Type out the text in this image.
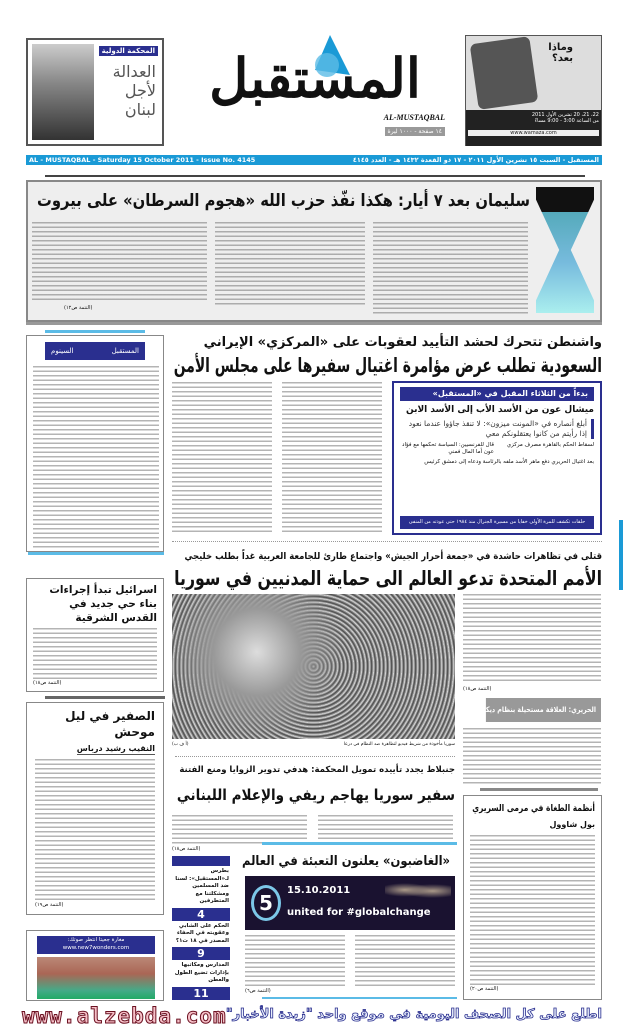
المحكمة الدولية
العدالة
لأجل
لبنان المستقبل
AL-MUSTAQBAL
١٤ صفحة - ١٠٠٠ ليرة
وماذا
بعد؟
22، 21، 20 تشرين الأول 2011
من الساعة 3:00 - 9:00 مساءً
www.wamaza.com
AL - MUSTAQBAL - Saturday 15 October 2011 - Issue No. 4145	المستقبل - السبت ١٥ تشرين الأول ٢٠١١ - ١٧ ذو القعدة ١٤٣٢ هـ - العدد ٤١٤٥
سليمان بعد ٧ أيار: هكذا نفّذ حزب الله «هجوم السرطان» على بيروت
(التتمة ص١٢)
المستقبل
السينوم
اسرائيل تبدأ إجراءات بناء حي جديد في القدس الشرقية
(التتمة ص١٨)
الصفير في ليل موحش
النقيب رشيد درباس
(التتمة ص١٩)
مغارة جعيتا انتظر صوتك:
www.new7wonders.com
واشنطن تتحرك لحشد التأييد لعقوبات على «المركزي» الإيراني
السعودية تطلب عرض مؤامرة اغتيال سفيرها على مجلس الأمن
بدءاً من الثلاثاء المقبل في «المستقبل»
ميشال عون من الأسد الأب إلى الأسد الابن
أبلغ أنصاره في «المونت ميزون»: لا تنقذ جاؤوا عندما نعود إذا رأيتم من كانوا يعتقلونكم معي
لسقاط الحكم بالقاهرة مصرف مركزي
قال للفرنسيين: السياسة تحكمها مع فؤاد عون أما المال فمني
بعد اغتيال الحريري دفع ماهر الأسد ملفه بالرئاسة ودعاه إلى دمشق كرئيس
حلقات تكشف للمرة الأولى خفايا من مسيرة الجنرال منذ ١٩٨٤ حتى عودته من المنفى
قتلى في تظاهرات حاشدة في «جمعة أحرار الجيش» واجتماع طارئ للجامعة العربية غداً بطلب خليجي
الأمم المتحدة تدعو العالم الى حماية المدنيين في سوريا
سوريا مأخوذة من شريط فيديو لتظاهرة ضد النظام في درعا
(أ ف ب)
(التتمة ص١٨)
الحريري: العلاقة مستحيلة بنظام ديكتاتوري
جنبلاط يجدد تأييده تمويل المحكمة: هدفي تدوير الزوايا ومنع الفتنة
سفير سوريا يهاجم ريفي والإعلام اللبناني
(التتمة ص١٨)
أنظمة الطغاة في مرمى السريري
بول شاوول
(التتمة ص٢٠)
بطرس لـ«المستقبل»: لسنا ضد المسلمين ومشكلتنا مع المتطرفين
4
الحكم على الشابي وعقوبته في الحفاء المصدر في ١٨ ت١؟
9
المدارس ومكاتبها بإدارات تضيع الطول والعطن
11
«الغاضبون» يعلنون التعبئة في العالم
5
15.10.2011
united for #globalchange
(التتمة ص٦)
www.alzebda.com اطلع على كل الصحف اليومية في موقع واحد "زبدة الأخبار"
